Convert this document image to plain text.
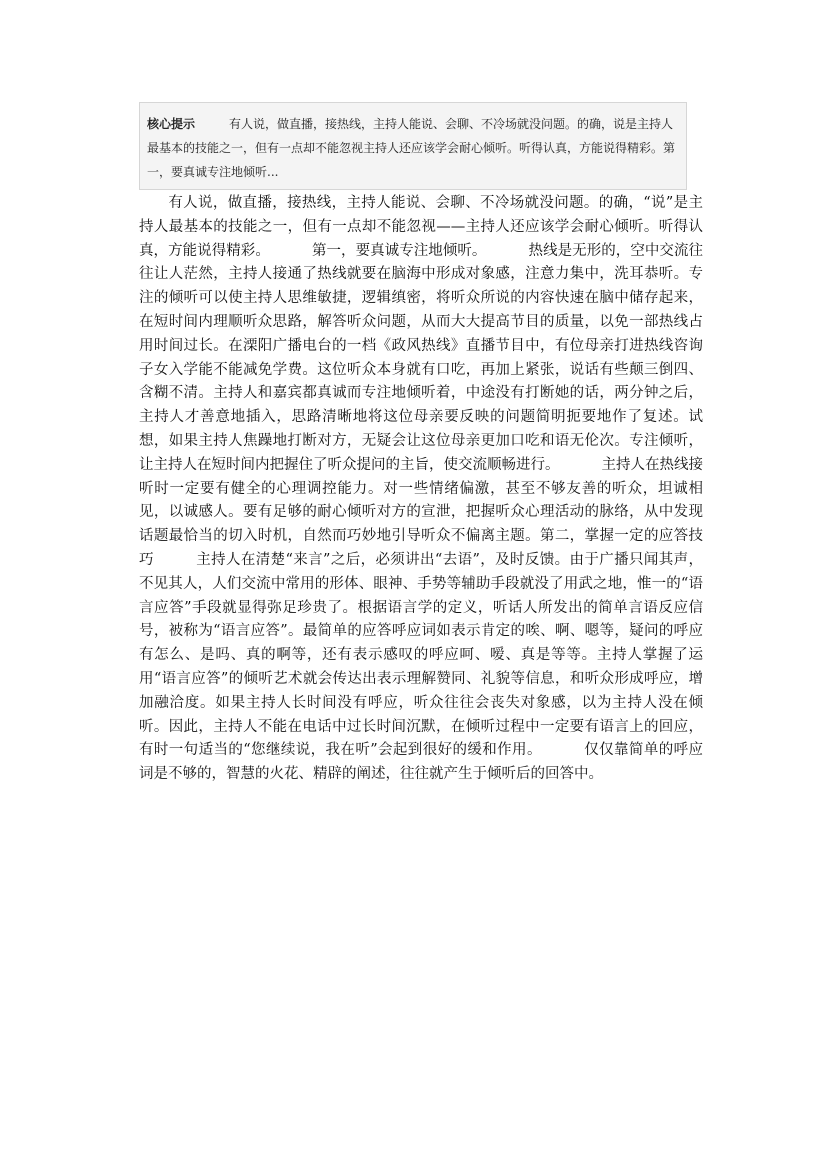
核心提示	有人说，做直播，接热线，主持人能说、会聊、不冷场就没问题。的确，说是主持人最基本的技能之一，但有一点却不能忽视主持人还应该学会耐心倾听。听得认真，方能说得精彩。第一，要真诚专注地倾听...
有人说，做直播，接热线，主持人能说、会聊、不冷场就没问题。的确，“说”是主持人最基本的技能之一，但有一点却不能忽视——主持人还应该学会耐心倾听。听得认真，方能说得精彩。	第一，要真诚专注地倾听。	热线是无形的，空中交流往往让人茫然，主持人接通了热线就要在脑海中形成对象感，注意力集中，洗耳恭听。专注的倾听可以使主持人思维敏捷，逻辑缜密，将听众所说的内容快速在脑中储存起来，在短时间内理顺听众思路，解答听众问题，从而大大提高节目的质量，以免一部热线占用时间过长。在溧阳广播电台的一档《政风热线》直播节目中，有位母亲打进热线咨询子女入学能不能减免学费。这位听众本身就有口吃，再加上紧张，说话有些颠三倒四、含糊不清。主持人和嘉宾都真诚而专注地倾听着，中途没有打断她的话，两分钟之后，主持人才善意地插入，思路清晰地将这位母亲要反映的问题简明扼要地作了复述。试想，如果主持人焦躁地打断对方，无疑会让这位母亲更加口吃和语无伦次。专注倾听，让主持人在短时间内把握住了听众提问的主旨，使交流顺畅进行。	主持人在热线接听时一定要有健全的心理调控能力。对一些情绪偏激，甚至不够友善的听众，坦诚相见，以诚感人。要有足够的耐心倾听对方的宣泄，把握听众心理活动的脉络，从中发现话题最恰当的切入时机，自然而巧妙地引导听众不偏离主题。第二，掌握一定的应答技巧	主持人在清楚“来言”之后，必须讲出“去语”，及时反馈。由于广播只闻其声，不见其人，人们交流中常用的形体、眼神、手势等辅助手段就没了用武之地，惟一的“语言应答”手段就显得弥足珍贵了。根据语言学的定义，听话人所发出的简单言语反应信号，被称为“语言应答”。最简单的应答呼应词如表示肯定的唉、啊、嗯等，疑问的呼应有怎么、是吗、真的啊等，还有表示感叹的呼应呵、嗳、真是等等。主持人掌握了运用“语言应答”的倾听艺术就会传达出表示理解赞同、礼貌等信息，和听众形成呼应，增加融洽度。如果主持人长时间没有呼应，听众往往会丧失对象感，以为主持人没在倾听。因此，主持人不能在电话中过长时间沉默，在倾听过程中一定要有语言上的回应，有时一句适当的“您继续说，我在听”会起到很好的缓和作用。	仅仅靠简单的呼应词是不够的，智慧的火花、精辟的阐述，往往就产生于倾听后的回答中。
